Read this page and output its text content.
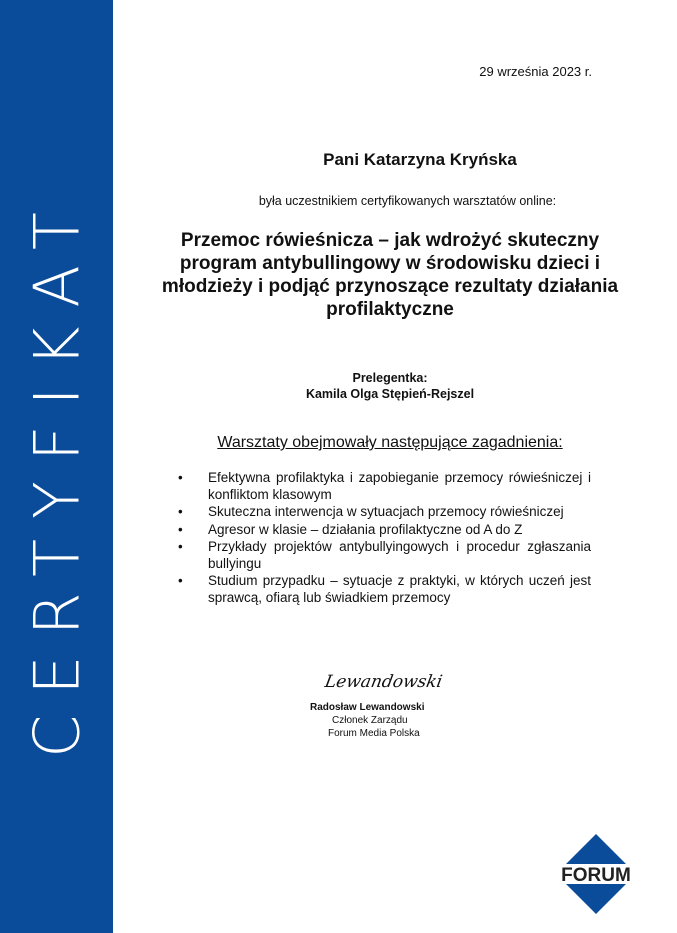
CERTYFIKAT
29 września 2023 r.
Pani Katarzyna Kryńska
była uczestnikiem certyfikowanych warsztatów online:
Przemoc rówieśnicza – jak wdrożyć skuteczny program antybullingowy w środowisku dzieci i młodzieży i podjąć przynoszące rezultaty działania profilaktyczne
Prelegentka:
Kamila Olga Stępień-Rejszel
Warsztaty obejmowały następujące zagadnienia:
• Efektywna profilaktyka i zapobieganie przemocy rówieśniczej i konfliktom klasowym
• Skuteczna interwencja w sytuacjach przemocy rówieśniczej
• Agresor w klasie – działania profilaktyczne od A do Z
• Przykłady projektów antybullyingowych i procedur zgłaszania bullyingu
• Studium przypadku – sytuacje z praktyki, w których uczeń jest sprawcą, ofiarą lub świadkiem przemocy
Lewandowski
Radosław Lewandowski
Członek Zarządu
Forum Media Polska
FORUM
